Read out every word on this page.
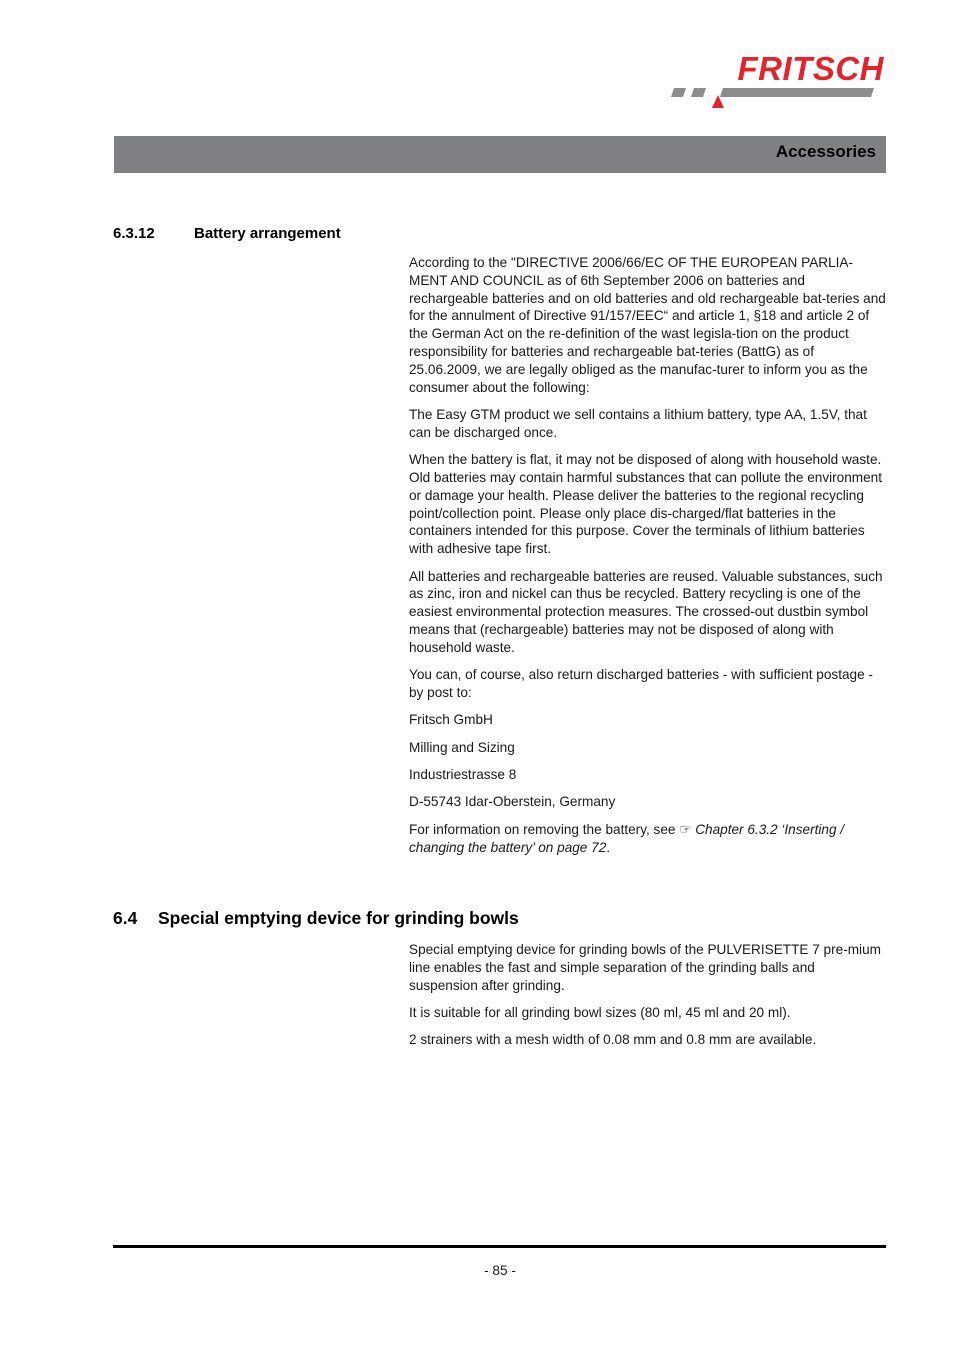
FRITSCH
Accessories
6.3.12	Battery arrangement

According to the "DIRECTIVE 2006/66/EC OF THE EUROPEAN PARLIA-MENT AND COUNCIL as of 6th September 2006 on batteries and rechargeable batteries and on old batteries and old rechargeable bat-teries and for the annulment of Directive 91/157/EEC“ and article 1, §18 and article 2 of the German Act on the re-definition of the wast legisla-tion on the product responsibility for batteries and rechargeable bat-teries (BattG) as of 25.06.2009, we are legally obliged as the manufac-turer to inform you as the consumer about the following:

The Easy GTM product we sell contains a lithium battery, type AA, 1.5V, that can be discharged once.

When the battery is flat, it may not be disposed of along with household waste. Old batteries may contain harmful substances that can pollute the environment or damage your health. Please deliver the batteries to the regional recycling point/collection point. Please only place dis-charged/flat batteries in the containers intended for this purpose. Cover the terminals of lithium batteries with adhesive tape first.

All batteries and rechargeable batteries are reused. Valuable substances, such as zinc, iron and nickel can thus be recycled. Battery recycling is one of the easiest environmental protection measures. The crossed-out dustbin symbol means that (rechargeable) batteries may not be disposed of along with household waste.

You can, of course, also return discharged batteries - with sufficient postage - by post to:

Fritsch GmbH

Milling and Sizing

Industriestrasse 8

D-55743 Idar-Oberstein, Germany

For information on removing the battery, see ☞ Chapter 6.3.2 ‘Inserting / changing the battery’ on page 72.

6.4 Special emptying device for grinding bowls

Special emptying device for grinding bowls of the PULVERISETTE 7 pre-mium line enables the fast and simple separation of the grinding balls and suspension after grinding.

It is suitable for all grinding bowl sizes (80 ml, 45 ml and 20 ml).

2 strainers with a mesh width of 0.08 mm and 0.8 mm are available.

- 85 -
